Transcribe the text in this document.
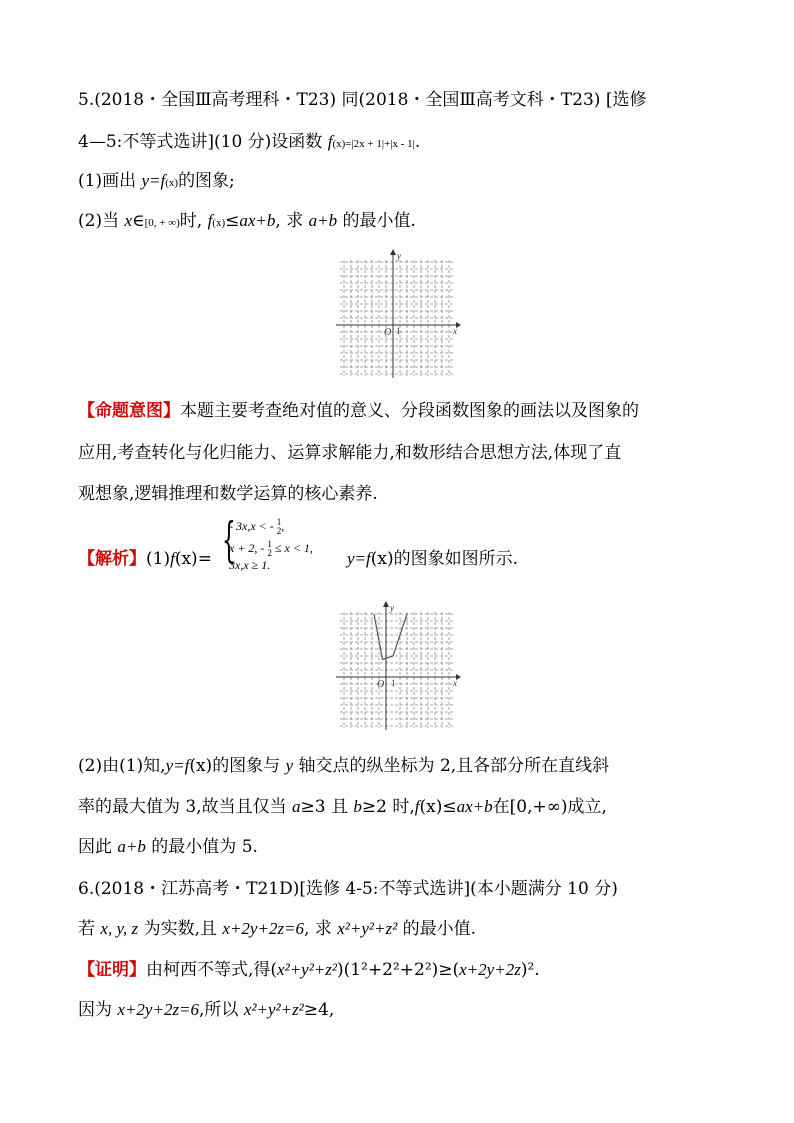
5.(2018・全国Ⅲ高考理科・T23) 同(2018・全国Ⅲ高考文科・T23) [选修
4—5:不等式选讲](10 分)设函数 f(x)=|2x + 1|+|x - 1|.
(1)画出 y=f(x)的图象;
(2)当 x∈[0, + ∞)时, f(x)≤ax+b, 求 a+b 的最小值.
y
x
O 1
【命题意图】本题主要考查绝对值的意义、分段函数图象的画法以及图象的
应用,考查转化与化归能力、运算求解能力,和数形结合思想方法,体现了直
观想象,逻辑推理和数学运算的核心素养.
【解析】(1)f(x)= {
- 3x,x < - 1
2,
x + 2, - 1
2 ≤ x < 1,
3x,x ≥ 1.	y=f(x)的图象如图所示.
y
x
O 1
(2)由(1)知,y=f(x)的图象与 y 轴交点的纵坐标为 2,且各部分所在直线斜
率的最大值为 3,故当且仅当 a≥3 且 b≥2 时,f(x)≤ax+b在[0,+∞)成立,
因此 a+b 的最小值为 5.
6.(2018・江苏高考・T21D)[选修 4-5:不等式选讲](本小题满分 10 分)
若 x, y, z 为实数,且 x+2y+2z=6, 求 x²+y²+z² 的最小值.
【证明】由柯西不等式,得(x²+y²+z²)(1²+2²+2²)≥(x+2y+2z)².
因为 x+2y+2z=6,所以 x²+y²+z²≥4,
